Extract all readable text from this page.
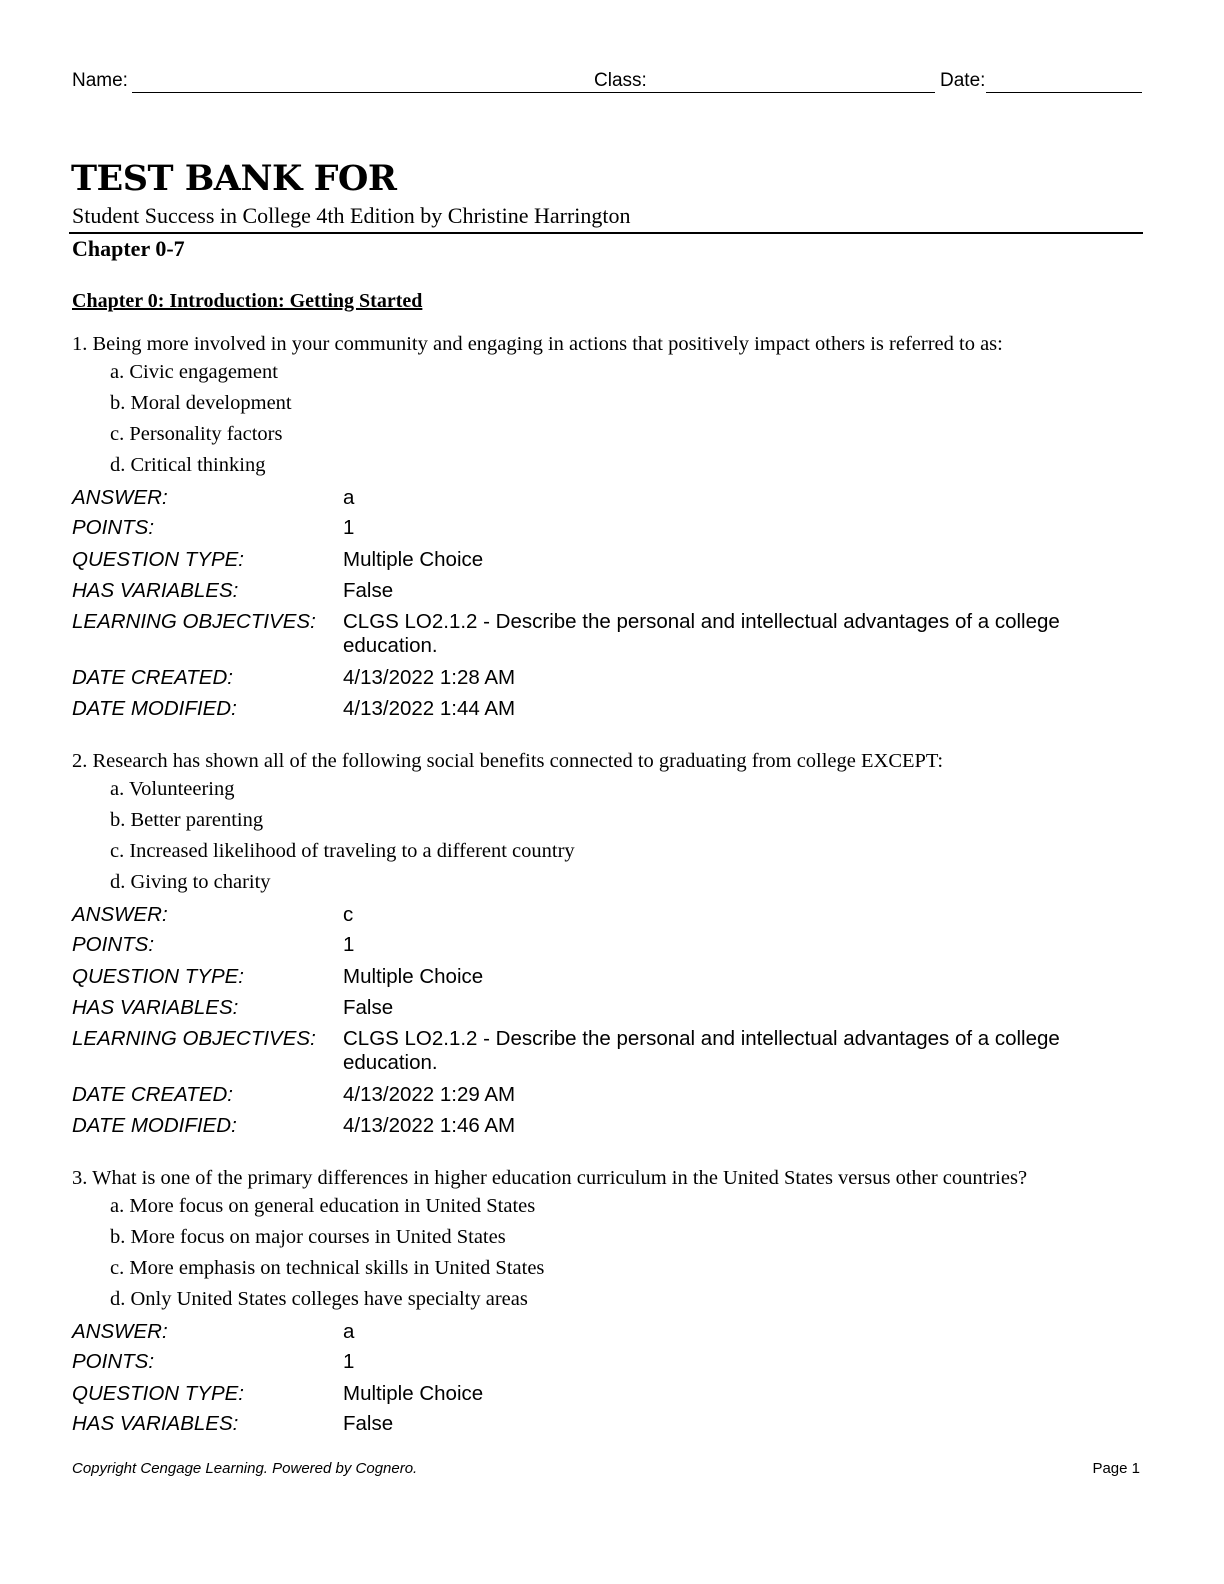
Name:	Class:	Date:
TEST BANK FOR
Student Success in College 4th Edition by Christine Harrington
Chapter 0-7
Chapter 0: Introduction: Getting Started
1. Being more involved in your community and engaging in actions that positively impact others is referred to as:
a. Civic engagement
b. Moral development
c. Personality factors
d. Critical thinking
ANSWER:	a
POINTS:	1
QUESTION TYPE:	Multiple Choice
HAS VARIABLES:	False
LEARNING OBJECTIVES: CLGS LO2.1.2 - Describe the personal and intellectual advantages of a college education.
DATE CREATED:	4/13/2022 1:28 AM
DATE MODIFIED:	4/13/2022 1:44 AM
2. Research has shown all of the following social benefits connected to graduating from college EXCEPT:
a. Volunteering
b. Better parenting
c. Increased likelihood of traveling to a different country
d. Giving to charity
ANSWER:	c
POINTS:	1
QUESTION TYPE:	Multiple Choice
HAS VARIABLES:	False
LEARNING OBJECTIVES: CLGS LO2.1.2 - Describe the personal and intellectual advantages of a college education.
DATE CREATED:	4/13/2022 1:29 AM
DATE MODIFIED:	4/13/2022 1:46 AM
3. What is one of the primary differences in higher education curriculum in the United States versus other countries?
a. More focus on general education in United States
b. More focus on major courses in United States
c. More emphasis on technical skills in United States
d. Only United States colleges have specialty areas
ANSWER:	a
POINTS:	1
QUESTION TYPE:	Multiple Choice
HAS VARIABLES:	False
Copyright Cengage Learning. Powered by Cognero.	Page 1
